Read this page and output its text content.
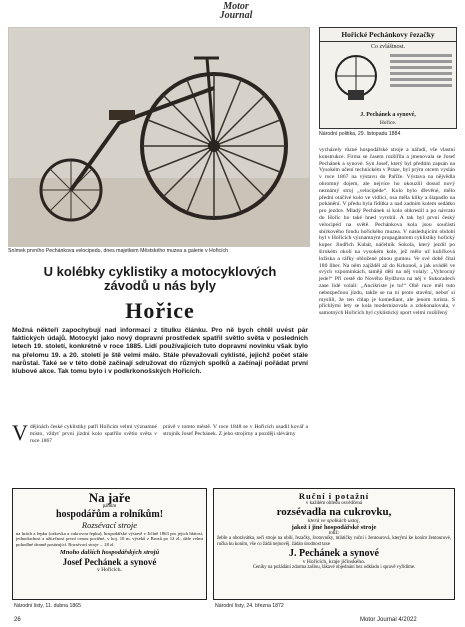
Motor
Journal
Snímek prvního Pechánkova velocipedu, dnes majetkem Městského muzea a galerie v Hořicích
Hořické Pechánkovy řezačky
Co zvláštnost.
J. Pechánek a synové,
Hořice.
Národní politika, 29. listopadu 1884
vycházely různé hospodářské stroje a nářadí, vše vlastní konstrukce. Firma se časem rozšířila a jmenovala se Josef Pechánek a synové. Syn Josef, který byl předtím zapsán na Vysokém učení technickém v Praze, byl prým otcem vyslán v roce 1867 na výstavu do Paříže. Výstava na nějvědla ohromný dojem, ale nejvíce ho okouzlil dosud nový neznámý stroj „velocipéde“. Kolo bylo dřevěné, mělo přední otáčivé kolo ve vidlici, osa měla kliky a šlapadlo na pohánění. V předu byla řidítka a nad zadním kolem sedátko pro jezdce. Mladý Pechánek si kolo obkreslil a po návratu do Hořic ho také hned vyrobil. A tak byl první český velocipéd na světě. Pechánkova kola jsou součástí sbírkového fondu hořického muzea. V následujícím období byl v Hořicích významným propagátorem cyklistiky hořický kupec Jindřich Kubát, náčelník Sokola, který jezdil po širokém okolí na vysokém kole, jež mělo už kuličková ložiska a ráfky obložené plnou gumou. Ve své době čítal 180 liber. Na něm zajížděl až do Krkonoš, a jak uváděl ve svých vzpomínkách, taměji děti na něj volaly: „Vyhrocný jede!“ Při cestě do Nového Bydžova na něj v Sukoradech zase lidé volali: „Ancikriste je tu!“ Obě ruce měl tuto nebezpečnou jízdu, takže se na ni proto stavění, neboť si myslili, že ten chlap je komediant, ale jenom turista. S příchlými lety se kola modernizovala a zdokonalovala, v samotných Hořicích byl cyklistický sport velmi rozšířený
U kolébky cyklistiky a motocyklových závodů u nás byly
Hořice
Možná někteří zapochybují nad informací z titulku článku. Pro ně bych chtěl uvést pár faktických údajů. Motocykl jako nový dopravní prostředek spatřil světlo světa v posledních letech 19. století, konkrétně v roce 1885. Lidí používajících tuto dopravní novinku však bylo na přelomu 19. a 20. století je ště velmi málo. Stále převažovali cyklisté, jejichž počet stále narůstal. Také se v této době začínají sdružovat do různých spolků a začínají pořádat první klubové akce. Tak tomu bylo i v podkrkonošských Hořicích.
Vdějinách české cyklistiky patří Hořicím velmi významné místo, vždyť první jízdní kolo spatřilo světlo světa v roce 1867
právě v tomto městě. V roce 1848 se v Hořicích usadil kovář a strojník Josef Pechánek. Z jeho strojírny a později slévárny
Na jaře
pánům
hospodářům a rolníkům!
Rozsévací stroje
na hrách a řepku (ozkovka a cukrovou řepku), hospodářské výstavě v Jičíně 1863 pro jejich hbitost, jednoduchost a užitečnost první cenou poctěné, v hoj. 10 m. výseků z Brozů po 12 zl., dále velmi pohodlné deamě posázující. Rozsévací stroje ... 28 zl.
Mnoho dalších hospodářských strojů
Josef Pechánek a synové
v Hořicích.
Národní listy, 11. dubna 1865
Ruční i potažní
v každém ohledu osvědčená
rozsévadla na cukrovku,
která ve spolkách ustoj,
jakož i jiné hospodářské stroje
totiž:
žebře a oborávátka, sečí stroje na obilí, řezačky, šrotovníky, mlátičky ruční i žentourová, kterými ke koním žentourové, ručka ku koním, vše co žádá nejnověj. žádán úrodnost taxe
J. Pechánek a synové
v Hořicích, kraje jičínského.
Ceníky na požádání zdarma zašlou, lákavé objednání bez odkladu i spravě vyřídíme.
Národní listy, 24. března 1872
26	Motor Journal 4/2022
